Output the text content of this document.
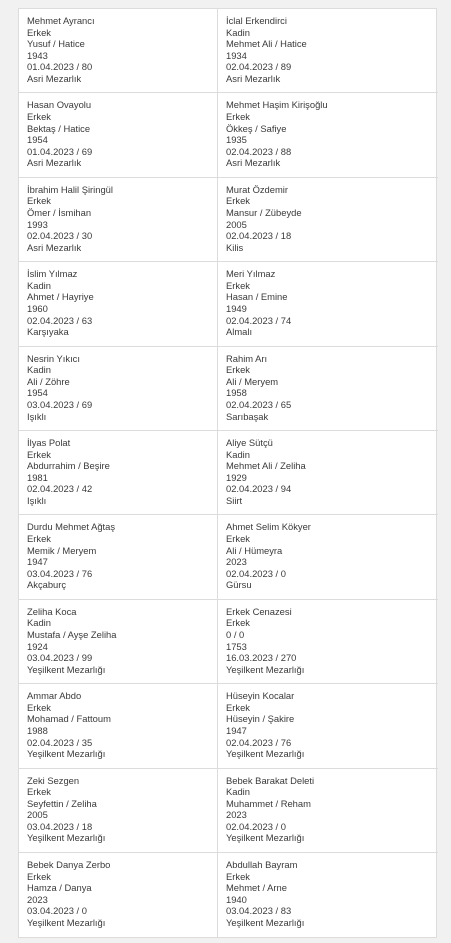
Mehmet Ayrancı
Erkek
Yusuf / Hatice
1943
01.04.2023 / 80
Asri Mezarlık
İclal Erkendirci
Kadin
Mehmet Ali / Hatice
1934
02.04.2023 / 89
Asri Mezarlık
Hasan Ovayolu
Erkek
Bektaş / Hatice
1954
01.04.2023 / 69
Asri Mezarlık
Mehmet Haşim Kirişoğlu
Erkek
Ökkeş / Safiye
1935
02.04.2023 / 88
Asri Mezarlık
İbrahim Halil Şiringül
Erkek
Ömer / İsmihan
1993
02.04.2023 / 30
Asri Mezarlık
Murat Özdemir
Erkek
Mansur / Zübeyde
2005
02.04.2023 / 18
Kilis
İslim Yılmaz
Kadin
Ahmet / Hayriye
1960
02.04.2023 / 63
Karşıyaka
Meri Yılmaz
Erkek
Hasan / Emine
1949
02.04.2023 / 74
Almalı
Nesrin Yıkıcı
Kadin
Ali / Zöhre
1954
03.04.2023 / 69
Işıklı
Rahim Arı
Erkek
Ali / Meryem
1958
02.04.2023 / 65
Sarıbaşak
İlyas Polat
Erkek
Abdurrahim / Beşire
1981
02.04.2023 / 42
Işıklı
Aliye Sütçü
Kadin
Mehmet Ali / Zeliha
1929
02.04.2023 / 94
Siirt
Durdu Mehmet Ağtaş
Erkek
Memik / Meryem
1947
03.04.2023 / 76
Akçaburç
Ahmet Selim Kökyer
Erkek
Ali / Hümeyra
2023
02.04.2023 / 0
Gürsu
Zeliha Koca
Kadin
Mustafa / Ayşe Zeliha
1924
03.04.2023 / 99
Yeşilkent Mezarlığı
Erkek Cenazesi
Erkek
0 / 0
1753
16.03.2023 / 270
Yeşilkent Mezarlığı
Ammar Abdo
Erkek
Mohamad / Fattoum
1988
02.04.2023 / 35
Yeşilkent Mezarlığı
Hüseyin Kocalar
Erkek
Hüseyin / Şakire
1947
02.04.2023 / 76
Yeşilkent Mezarlığı
Zeki Sezgen
Erkek
Seyfettin / Zeliha
2005
03.04.2023 / 18
Yeşilkent Mezarlığı
Bebek Barakat Deleti
Kadin
Muhammet / Reham
2023
02.04.2023 / 0
Yeşilkent Mezarlığı
Bebek Danya Zerbo
Erkek
Hamza / Danya
2023
03.04.2023 / 0
Yeşilkent Mezarlığı
Abdullah Bayram
Erkek
Mehmet / Arne
1940
03.04.2023 / 83
Yeşilkent Mezarlığı
